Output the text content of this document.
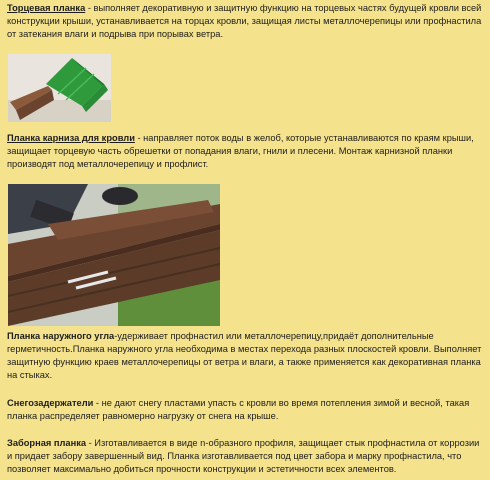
Торцевая планка - выполняет декоративную и защитную функцию на торцевых частях будущей кровли всей конструкции крыши, устанавливается на торцах кровли, защищая листы металлочерепицы или профнастила от затекания влаги и подрыва при порывах ветра.

Планка карниза для кровли - направляет поток воды в желоб, которые устанавливаются по краям крыши, защищает торцевую часть обрешетки от попадания влаги, гнили и плесени. Монтаж карнизной планки производят под металлочерепицу и профлист.

Планка наружного угла-удерживает профнастил или металлочерепицу,придаёт дополнительные герметичность.Планка наружного угла необходима в местах перехода разных плоскостей кровли. Выполняет защитную функцию краев металлочерепицы от ветра и влаги, а также применяется как декоративная планка на стыках.

Снегозадержатели - не дают снегу пластами упасть с кровли во время потепления зимой и весной, такая планка распределяет равномерно нагрузку от снега на крыше.

Заборная планка - Изготавливается в виде n-образного профиля, защищает стык профнастила от коррозии и придает забору завершенный вид. Планка изготавливается под цвет забора и марку профнастила, что позволяет максимально добиться прочности конструкции и эстетичности всех элементов.
